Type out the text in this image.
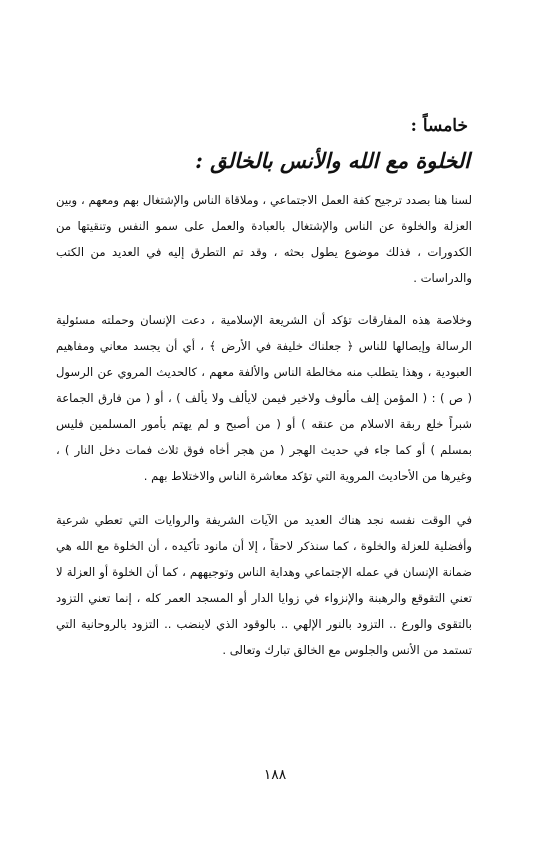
خامساً :
الخلوة مع الله والأنس بالخالق :

لسنا هنا بصدد ترجيح كفة العمل الاجتماعي ، وملاقاة الناس والإشتغال بهم ومعهم ، وبين العزلة والخلوة عن الناس والإشتغال بالعبادة والعمل على سمو النفس وتنقيتها من الكدورات ، فذلك موضوع يطول بحثه ، وقد تم التطرق إليه في العديد من الكتب والدراسات .

وخلاصة هذه المفارقات تؤكد أن الشريعة الإسلامية ، دعت الإنسان وحملته مسئولية الرسالة وإيصالها للناس ﴿ جعلناك خليفة في الأرض ﴾ ، أي أن يجسد معاني ومفاهيم العبودية ، وهذا يتطلب منه مخالطة الناس والألفة معهم ، كالحديث المروي عن الرسول ( ص ) : ( المؤمن إلف مألوف ولاخير فيمن لايألف ولا يألف ) ، أو ( من فارق الجماعة شبراً خلع ربقة الاسلام من عنقه ) أو ( من أصبح و لم يهتم بأمور المسلمين فليس بمسلم ) أو كما جاء في حديث الهجر ( من هجر أخاه فوق ثلاث فمات دخل النار ) ، وغيرها من الأحاديث المروية التي تؤكد معاشرة الناس والاختلاط بهم .

في الوقت نفسه نجد هناك العديد من الآيات الشريفة والروايات التي تعطي شرعية وأفضلية للعزلة والخلوة ، كما سنذكر لاحقاً ، إلا أن مانود تأكيده ، أن الخلوة مع الله هي ضمانة الإنسان في عمله الإجتماعي وهداية الناس وتوجيههم ، كما أن الخلوة أو العزلة لا تعني التقوقع والرهبنة والإنزواء في زوايا الدار أو المسجد العمر كله ، إنما تعني التزود بالتقوى والورع .. التزود بالنور الإلهي .. بالوقود الذي لاينضب .. التزود بالروحانية التي تستمد من الأنس والجلوس مع الخالق تبارك وتعالى .

١٨٨
